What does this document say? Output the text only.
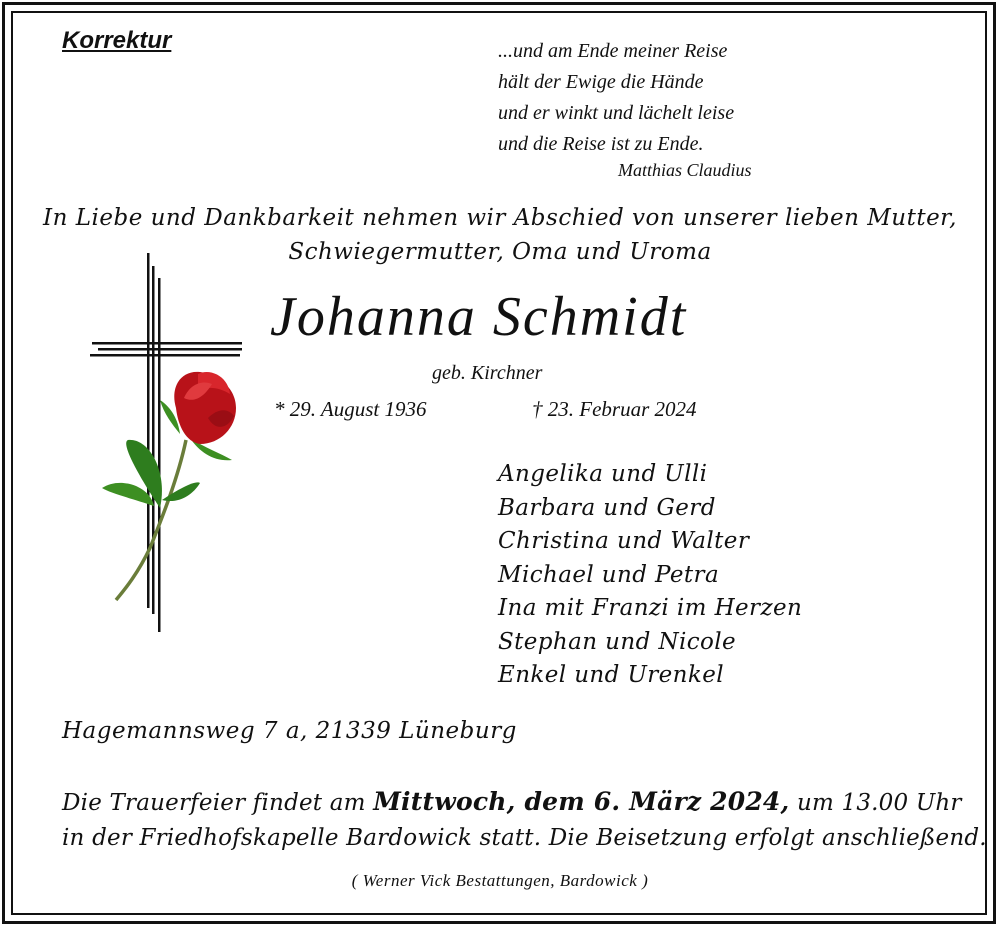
Korrektur	...und am Ende meiner Reise
hält der Ewige die Hände
und er winkt und lächelt leise
und die Reise ist zu Ende.
Matthias Claudius
In Liebe und Dankbarkeit nehmen wir Abschied von unserer lieben Mutter,
Schwiegermutter, Oma und Uroma
Johanna Schmidt
geb. Kirchner
* 29. August 1936	† 23. Februar 2024
Angelika und Ulli
Barbara und Gerd
Christina und Walter
Michael und Petra
Ina mit Franzi im Herzen
Stephan und Nicole
Enkel und Urenkel
Hagemannsweg 7 a, 21339 Lüneburg
Die Trauerfeier findet am Mittwoch, dem 6. März 2024, um 13.00 Uhr
in der Friedhofskapelle Bardowick statt. Die Beisetzung erfolgt anschließend.
( Werner Vick Bestattungen, Bardowick )
